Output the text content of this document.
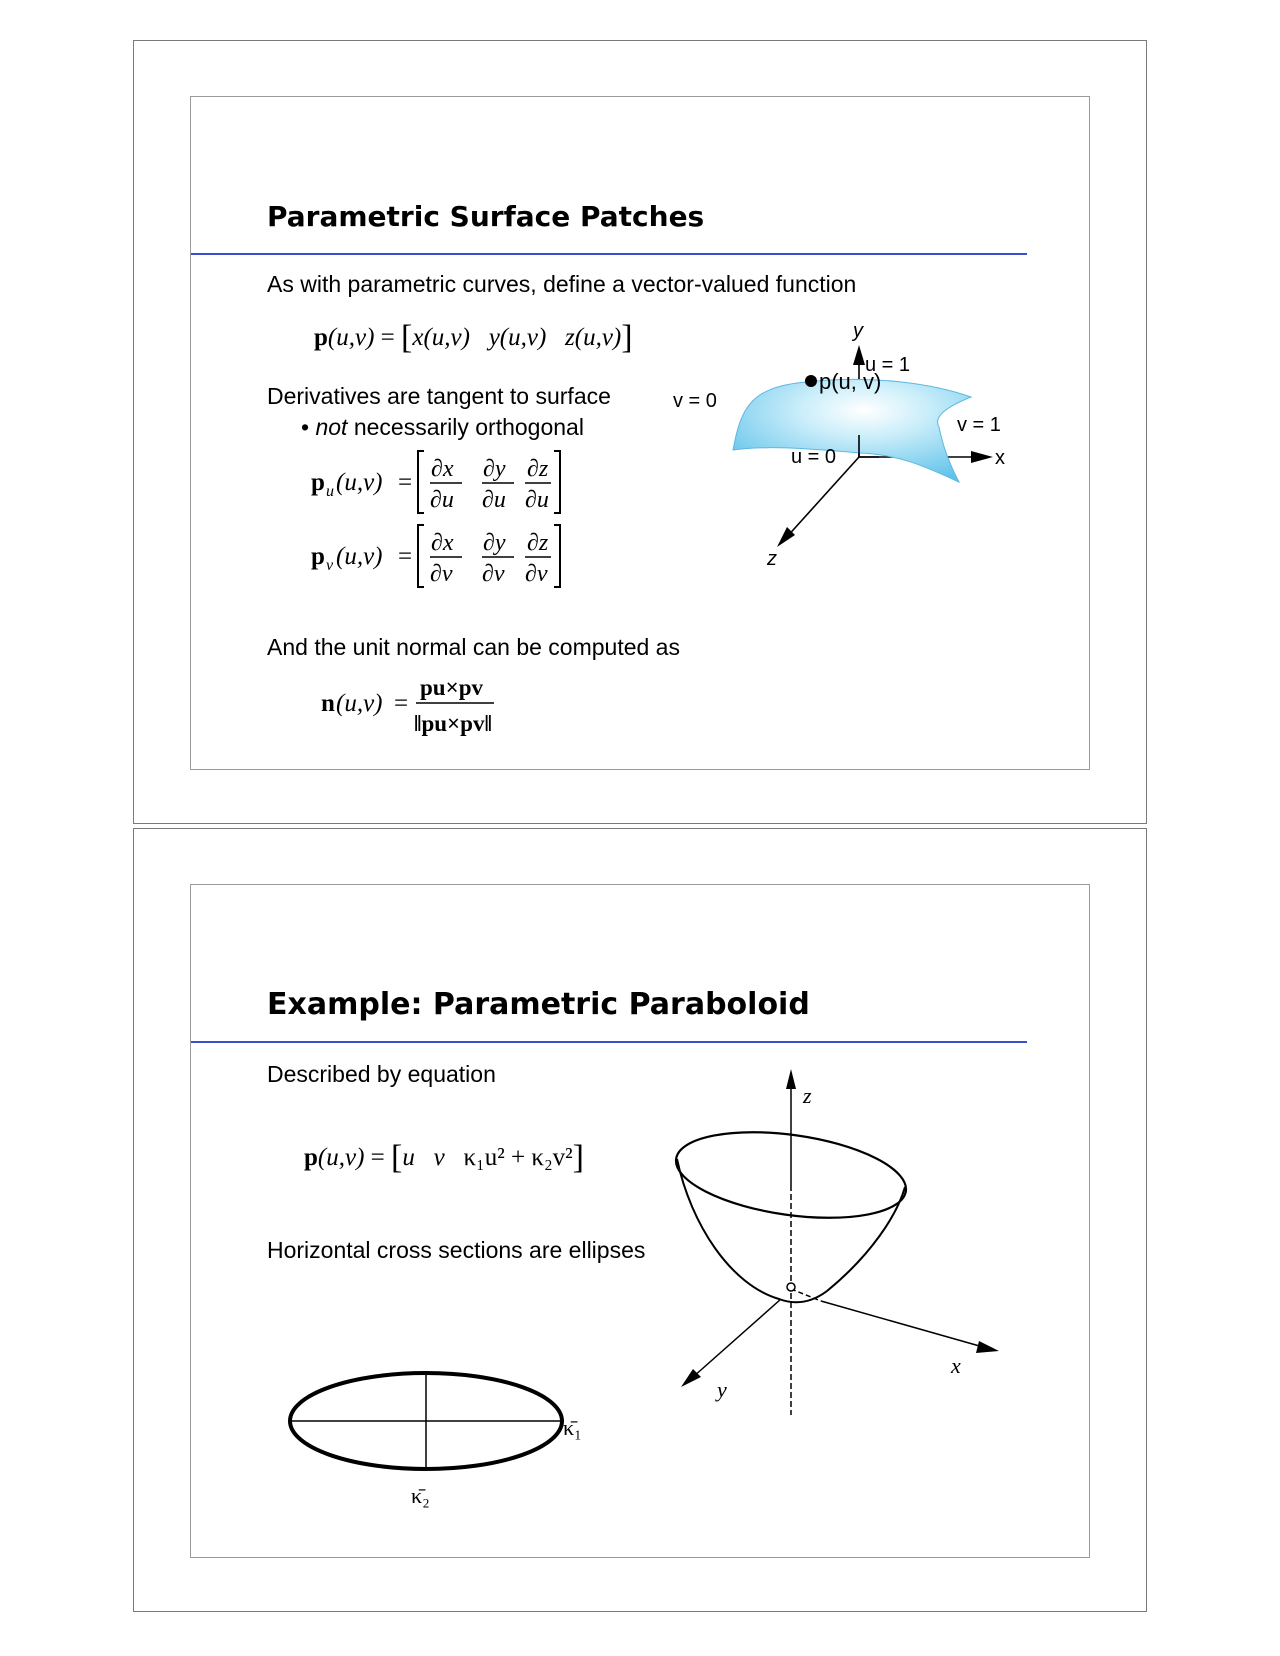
Parametric Surface Patches
As with parametric curves, define a vector-valued function
p(u,v) = [x(u,v) y(u,v) z(u,v)]
Derivatives are tangent to surface
• not necessarily orthogonal
p u (u,v) = ∂x
∂u
∂y
∂u
∂z
∂u
p v (u,v) = ∂x
∂v
∂y
∂v
∂z
∂v
And the unit normal can be computed as
n (u,v) =
pu×pv
‖pu×pv‖
p(u, v)
y
u = 1
v = 0
v = 1
u = 0	x
z
Example: Parametric Paraboloid
Described by equation
p(u,v) = [u v κ₁u² + κ₂v²]
Horizontal cross sections are ellipses
κ̄₁
κ̄₂
z
x
y
